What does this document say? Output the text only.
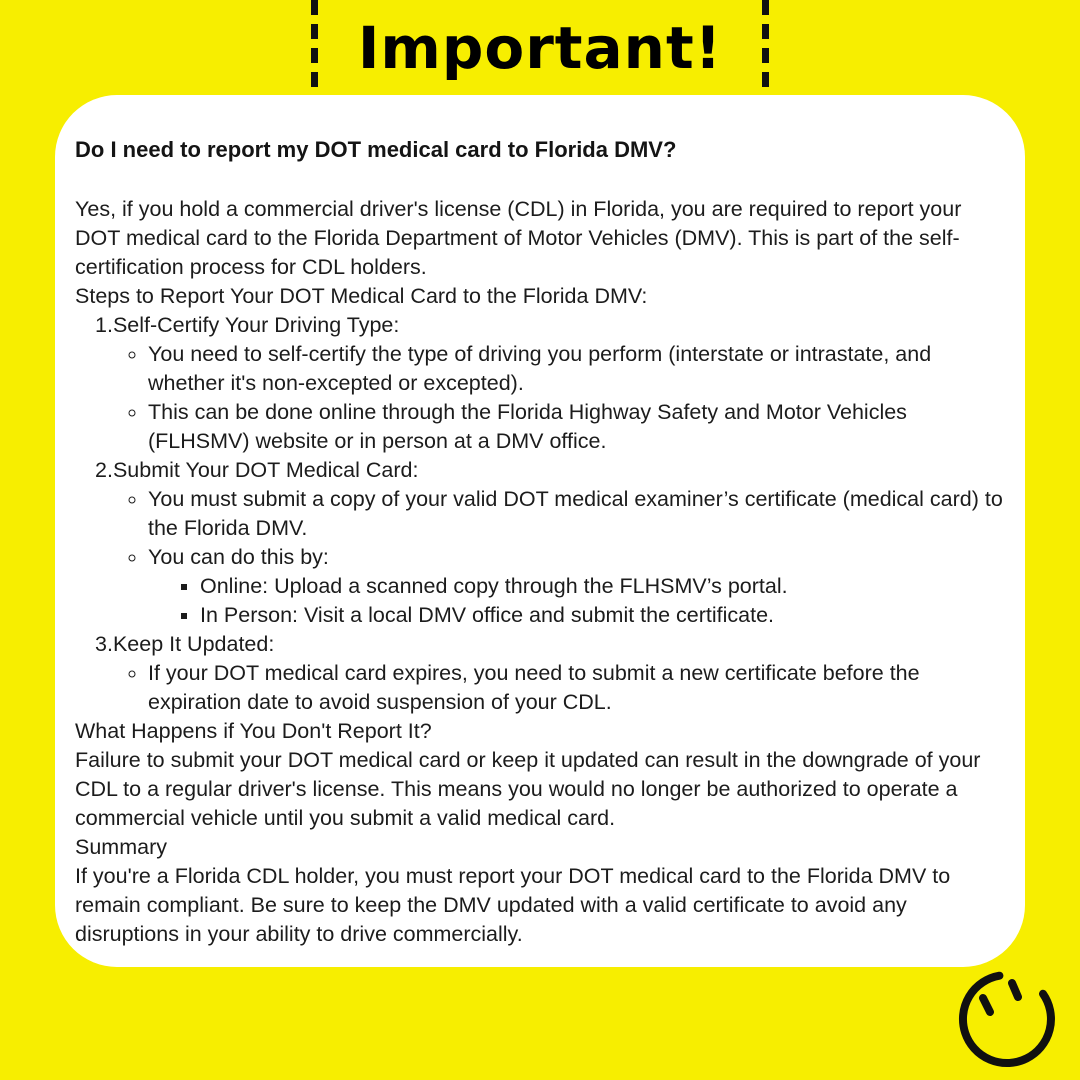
Important!
Do I need to report my DOT medical card to Florida DMV?

Yes, if you hold a commercial driver's license (CDL) in Florida, you are required to report your DOT medical card to the Florida Department of Motor Vehicles (DMV). This is part of the self-certification process for CDL holders.

Steps to Report Your DOT Medical Card to the Florida DMV:

Self-Certify Your Driving Type:
◦ You need to self-certify the type of driving you perform (interstate or intrastate, and whether it's non-excepted or excepted).
◦ This can be done online through the Florida Highway Safety and Motor Vehicles (FLHSMV) website or in person at a DMV office.
Submit Your DOT Medical Card:
◦ You must submit a copy of your valid DOT medical examiner’s certificate (medical card) to the Florida DMV.
◦ You can do this by:
▪ Online: Upload a scanned copy through the FLHSMV’s portal.
▪ In Person: Visit a local DMV office and submit the certificate.
Keep It Updated:
◦ If your DOT medical card expires, you need to submit a new certificate before the expiration date to avoid suspension of your CDL.

What Happens if You Don't Report It?

Failure to submit your DOT medical card or keep it updated can result in the downgrade of your CDL to a regular driver's license. This means you would no longer be authorized to operate a commercial vehicle until you submit a valid medical card.

Summary

If you're a Florida CDL holder, you must report your DOT medical card to the Florida DMV to remain compliant. Be sure to keep the DMV updated with a valid certificate to avoid any disruptions in your ability to drive commercially.
